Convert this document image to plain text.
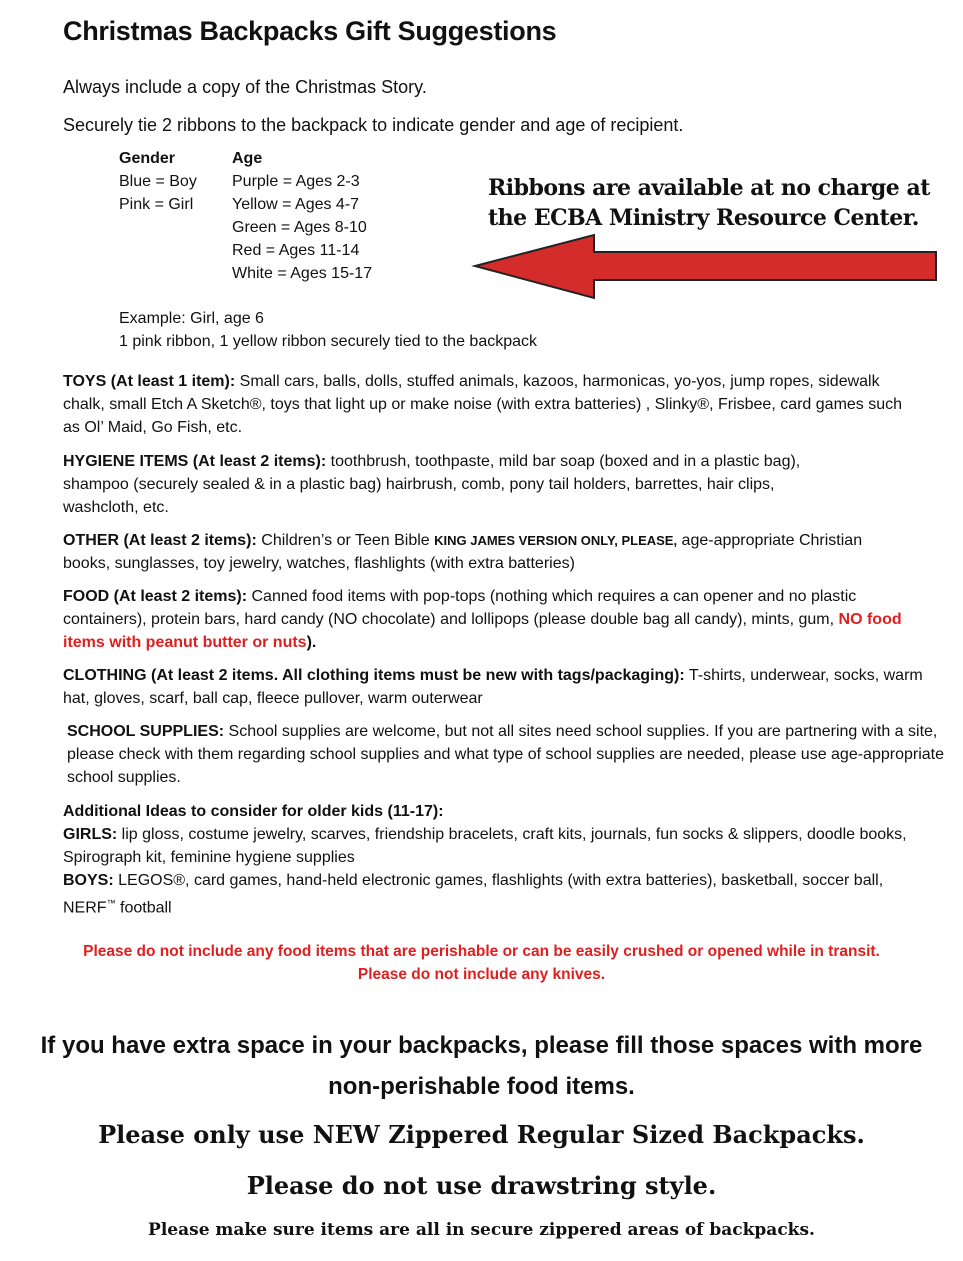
Christmas Backpacks Gift Suggestions
Always include a copy of the Christmas Story.
Securely tie 2 ribbons to the backpack to indicate gender and age of recipient.
Gender
Blue = Boy
Pink = Girl
Age
Purple = Ages 2-3
Yellow = Ages 4-7
Green = Ages 8-10
Red = Ages 11-14
White = Ages 15-17
Example: Girl, age 6
1 pink ribbon, 1 yellow ribbon securely tied to the backpack
Ribbons are available at no charge at
the ECBA Ministry Resource Center.
TOYS (At least 1 item): Small cars, balls, dolls, stuffed animals, kazoos, harmonicas, yo-yos, jump ropes, sidewalk chalk, small Etch A Sketch®, toys that light up or make noise (with extra batteries) , Slinky®, Frisbee, card games such as Ol’ Maid, Go Fish, etc.
HYGIENE ITEMS (At least 2 items): toothbrush, toothpaste, mild bar soap (boxed and in a plastic bag), shampoo (securely sealed & in a plastic bag) hairbrush, comb, pony tail holders, barrettes, hair clips, washcloth, etc.
OTHER (At least 2 items): Children’s or Teen Bible KING JAMES VERSION ONLY, PLEASE, age-appropriate Christian books, sunglasses, toy jewelry, watches, flashlights (with extra batteries)
FOOD (At least 2 items): Canned food items with pop-tops (nothing which requires a can opener and no plastic containers), protein bars, hard candy (NO chocolate) and lollipops (please double bag all candy), mints, gum, NO food items with peanut butter or nuts).
CLOTHING (At least 2 items. All clothing items must be new with tags/packaging): T-shirts, underwear, socks, warm hat, gloves, scarf, ball cap, fleece pullover, warm outerwear
SCHOOL SUPPLIES: School supplies are welcome, but not all sites need school supplies. If you are partnering with a site, please check with them regarding school supplies and what type of school supplies are needed, please use age-appropriate school supplies.
Additional Ideas to consider for older kids (11-17):
GIRLS: lip gloss, costume jewelry, scarves, friendship bracelets, craft kits, journals, fun socks & slippers, doodle books, Spirograph kit, feminine hygiene supplies
BOYS: LEGOS®, card games, hand-held electronic games, flashlights (with extra batteries), basketball, soccer ball, NERF™ football
Please do not include any food items that are perishable or can be easily crushed or opened while in transit.
Please do not include any knives.
If you have extra space in your backpacks, please fill those spaces with more
non-perishable food items.
Please only use NEW Zippered Regular Sized Backpacks.
Please do not use drawstring style.
Please make sure items are all in secure zippered areas of backpacks.
